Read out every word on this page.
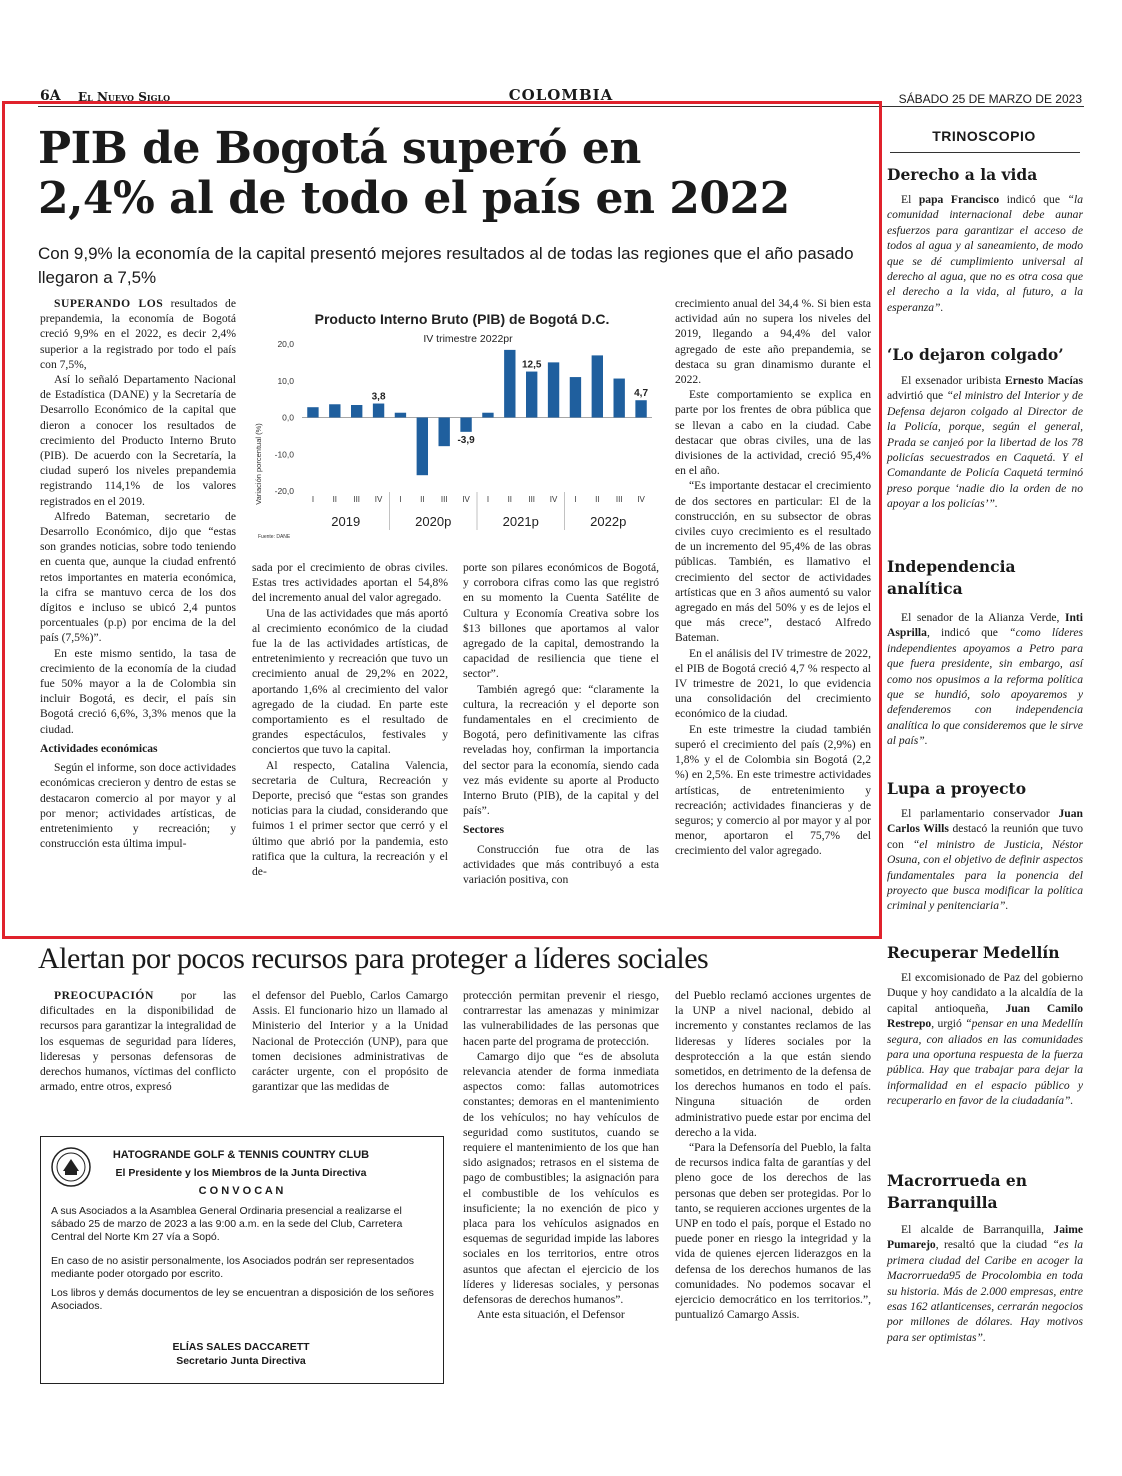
6A El Nuevo Siglo	COLOMBIA	SÁBADO 25 DE MARZO DE 2023
PIB de Bogotá superó en
2,4% al de todo el país en 2022
Con 9,9% la economía de la capital presentó mejores resultados al de todas las regiones que el año pasado llegaron a 7,5%

SUPERANDO LOS resultados de prepandemia, la economía de Bogotá creció 9,9% en el 2022, es decir 2,4% superior a la registrado por todo el país con 7,5%,

Así lo señaló Departamento Nacional de Estadística (DANE) y la Secretaría de Desarrollo Económico de la capital que dieron a conocer los resultados de crecimiento del Producto Interno Bruto (PIB). De acuerdo con la Secretaría, la ciudad superó los niveles prepandemia registrando 114,1% de los valores registrados en el 2019.

Alfredo Bateman, secretario de Desarrollo Económico, dijo que “estas son grandes noticias, sobre todo teniendo en cuenta que, aunque la ciudad enfrentó retos importantes en materia económica, la cifra se mantuvo cerca de los dos dígitos e incluso se ubicó 2,4 puntos porcentuales (p.p) por encima de la del país (7,5%)”.

En este mismo sentido, la tasa de crecimiento de la economía de la ciudad fue 50% mayor a la de Colombia sin incluir Bogotá, es decir, el país sin Bogotá creció 6,6%, 3,3% menos que la ciudad.

Actividades económicas

Según el informe, son doce actividades económicas crecieron y dentro de estas se destacaron comercio al por mayor y al por menor; actividades artísticas, de entretenimiento y recreación; y construcción esta última impul-

Producto Interno Bruto (PIB) de Bogotá D.C.
IV trimestre 2022pr
Variación porcentual (%)
Fuente: DANE
20,0
10,0
0,0
-10,0
-20,0
3,8
-3,9
12,5
4,7
I II III IV I II III IV I II III IV I II III IV
2019	2020p	2021p	2022p

sada por el crecimiento de obras civiles. Estas tres actividades aportan el 54,8% del incremento anual del valor agregado.

Una de las actividades que más aportó al crecimiento económico de la ciudad fue la de las actividades artísticas, de entretenimiento y recreación que tuvo un crecimiento anual de 29,2% en 2022, aportando 1,6% al crecimiento del valor agregado de la ciudad. En parte este comportamiento es el resultado de grandes espectáculos, festivales y conciertos que tuvo la capital.

Al respecto, Catalina Valencia, secretaria de Cultura, Recreación y Deporte, precisó que “estas son grandes noticias para la ciudad, considerando que fuimos 1 el primer sector que cerró y el último que abrió por la pandemia, esto ratifica que la cultura, la recreación y el de-

porte son pilares económicos de Bogotá, y corrobora cifras como las que registró en su momento la Cuenta Satélite de Cultura y Economía Creativa sobre los $13 billones que aportamos al valor agregado de la capital, demostrando la capacidad de resiliencia que tiene el sector”.

También agregó que: “claramente la cultura, la recreación y el deporte son fundamentales en el crecimiento de Bogotá, pero definitivamente las cifras reveladas hoy, confirman la importancia del sector para la economía, siendo cada vez más evidente su aporte al Producto Interno Bruto (PIB), de la capital y del país”.

Sectores

Construcción fue otra de las actividades que más contribuyó a esta variación positiva, con

crecimiento anual del 34,4 %. Si bien esta actividad aún no supera los niveles del 2019, llegando a 94,4% del valor agregado de este año prepandemia, se destaca su gran dinamismo durante el 2022.

Este comportamiento se explica en parte por los frentes de obra pública que se llevan a cabo en la ciudad. Cabe destacar que obras civiles, una de las divisiones de la actividad, creció 95,4% en el año.

“Es importante destacar el crecimiento de dos sectores en particular: El de la construcción, en su subsector de obras civiles cuyo crecimiento es el resultado de un incremento del 95,4% de las obras públicas. También, es llamativo el crecimiento del sector de actividades artísticas que en 3 años aumentó su valor agregado en más del 50% y es de lejos el que más crece”, destacó Alfredo Bateman.

En el análisis del IV trimestre de 2022, el PIB de Bogotá creció 4,7 % respecto al IV trimestre de 2021, lo que evidencia una consolidación del crecimiento económico de la ciudad.

En este trimestre la ciudad también superó el crecimiento del país (2,9%) en 1,8% y el de Colombia sin Bogotá (2,2 %) en 2,5%. En este trimestre actividades artísticas, de entretenimiento y recreación; actividades financieras y de seguros; y comercio al por mayor y al por menor, aportaron el 75,7% del crecimiento del valor agregado.

TRINOSCOPIO
Derecho a la vida

El papa Francisco indicó que “la comunidad internacional debe aunar esfuerzos para garantizar el acceso de todos al agua y al saneamiento, de modo que se dé cumplimiento universal al derecho al agua, que no es otra cosa que el derecho a la vida, al futuro, a la esperanza”.

‘Lo dejaron colgado’

El exsenador uribista Ernesto Macías advirtió que “el ministro del Interior y de Defensa dejaron colgado al Director de la Policía, porque, según el general, Prada se canjeó por la libertad de los 78 policías secuestrados en Caquetá. Y el Comandante de Policía Caquetá terminó preso porque ‘nadie dio la orden de no apoyar a los policías’”.

Independencia
analítica

El senador de la Alianza Verde, Inti Asprilla, indicó que “como líderes independientes apoyamos a Petro para que fuera presidente, sin embargo, así como nos opusimos a la reforma política que se hundió, solo apoyaremos y defenderemos con independencia analítica lo que consideremos que le sirve al país”.

Lupa a proyecto

El parlamentario conservador Juan Carlos Wills destacó la reunión que tuvo con “el ministro de Justicia, Néstor Osuna, con el objetivo de definir aspectos fundamentales para la ponencia del proyecto que busca modificar la política criminal y penitenciaria”.

Recuperar Medellín

El excomisionado de Paz del gobierno Duque y hoy candidato a la alcaldía de la capital antioqueña, Juan Camilo Restrepo, urgió “pensar en una Medellín segura, con aliados en las comunidades para una oportuna respuesta de la fuerza pública. Hay que trabajar para dejar la informalidad en el espacio público y recuperarlo en favor de la ciudadanía”.

Macrorrueda en
Barranquilla

El alcalde de Barranquilla, Jaime Pumarejo, resaltó que la ciudad “es la primera ciudad del Caribe en acoger la Macrorrueda95 de Procolombia en toda su historia. Más de 2.000 empresas, entre esas 162 atlanticenses, cerrarán negocios por millones de dólares. Hay motivos para ser optimistas”.

Alertan por pocos recursos para proteger a líderes sociales

PREOCUPACIÓN por las dificultades en la disponibilidad de recursos para garantizar la integralidad de los esquemas de seguridad para líderes, lideresas y personas defensoras de derechos humanos, víctimas del conflicto armado, entre otros, expresó

el defensor del Pueblo, Carlos Camargo Assis. El funcionario hizo un llamado al Ministerio del Interior y a la Unidad Nacional de Protección (UNP), para que tomen decisiones administrativas de carácter urgente, con el propósito de garantizar que las medidas de

protección permitan prevenir el riesgo, contrarrestar las amenazas y minimizar las vulnerabilidades de las personas que hacen parte del programa de protección.

Camargo dijo que “es de absoluta relevancia atender de forma inmediata aspectos como: fallas automotrices constantes; demoras en el mantenimiento de los vehículos; no hay vehículos de seguridad como sustitutos, cuando se requiere el mantenimiento de los que han sido asignados; retrasos en el sistema de pago de combustibles; la asignación para el combustible de los vehículos es insuficiente; la no exención de pico y placa para los vehículos asignados en esquemas de seguridad impide las labores sociales en los territorios, entre otros asuntos que afectan el ejercicio de los líderes y lideresas sociales, y personas defensoras de derechos humanos”.

Ante esta situación, el Defensor

del Pueblo reclamó acciones urgentes de la UNP a nivel nacional, debido al incremento y constantes reclamos de las lideresas y líderes sociales por la desprotección a la que están siendo sometidos, en detrimento de la defensa de los derechos humanos en todo el país. Ninguna situación de orden administrativo puede estar por encima del derecho a la vida.

“Para la Defensoría del Pueblo, la falta de recursos indica falta de garantías y del pleno goce de los derechos de las personas que deben ser protegidas. Por lo tanto, se requieren acciones urgentes de la UNP en todo el país, porque el Estado no puede poner en riesgo la integridad y la vida de quienes ejercen liderazgos en la defensa de los derechos humanos de las comunidades. No podemos socavar el ejercicio democrático en los territorios.”, puntualizó Camargo Assis.

HATOGRANDE GOLF & TENNIS COUNTRY CLUB
El Presidente y los Miembros de la Junta Directiva
C O N V O C A N
A sus Asociados a la Asamblea General Ordinaria presencial a realizarse el sábado 25 de marzo de 2023 a las 9:00 a.m. en la sede del Club, Carretera Central del Norte Km 27 vía a Sopó.
En caso de no asistir personalmente, los Asociados podrán ser representados mediante poder otorgado por escrito.
Los libros y demás documentos de ley se encuentran a disposición de los señores Asociados.
ELÍAS SALES DACCARETT
Secretario Junta Directiva
